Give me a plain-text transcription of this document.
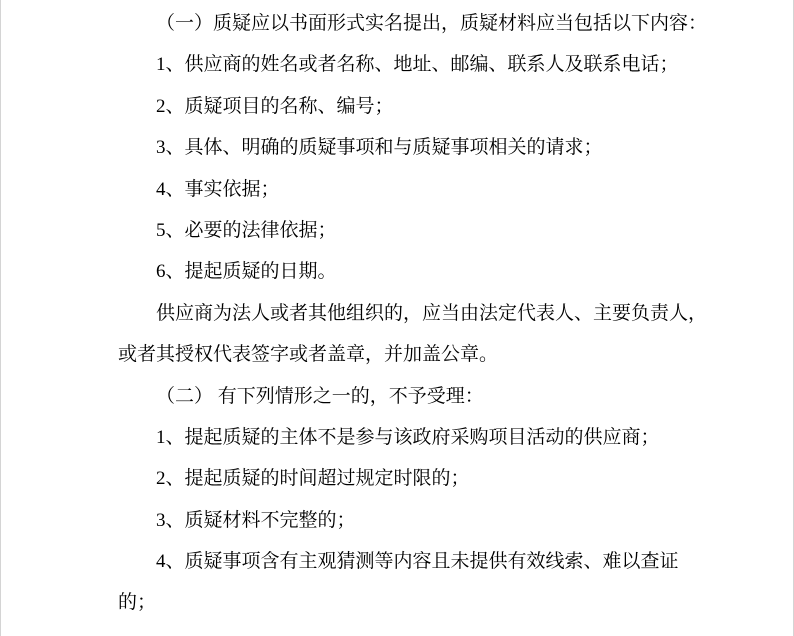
（一）质疑应以书面形式实名提出，质疑材料应当包括以下内容：
1、供应商的姓名或者名称、地址、邮编、联系人及联系电话；
2、质疑项目的名称、编号；
3、具体、明确的质疑事项和与质疑事项相关的请求；
4、事实依据；
5、必要的法律依据；
6、提起质疑的日期。
供应商为法人或者其他组织的，应当由法定代表人、主要负责人，
或者其授权代表签字或者盖章，并加盖公章。
（二） 有下列情形之一的，不予受理：
1、提起质疑的主体不是参与该政府采购项目活动的供应商；
2、提起质疑的时间超过规定时限的；
3、质疑材料不完整的；
4、质疑事项含有主观猜测等内容且未提供有效线索、难以查证
的；
